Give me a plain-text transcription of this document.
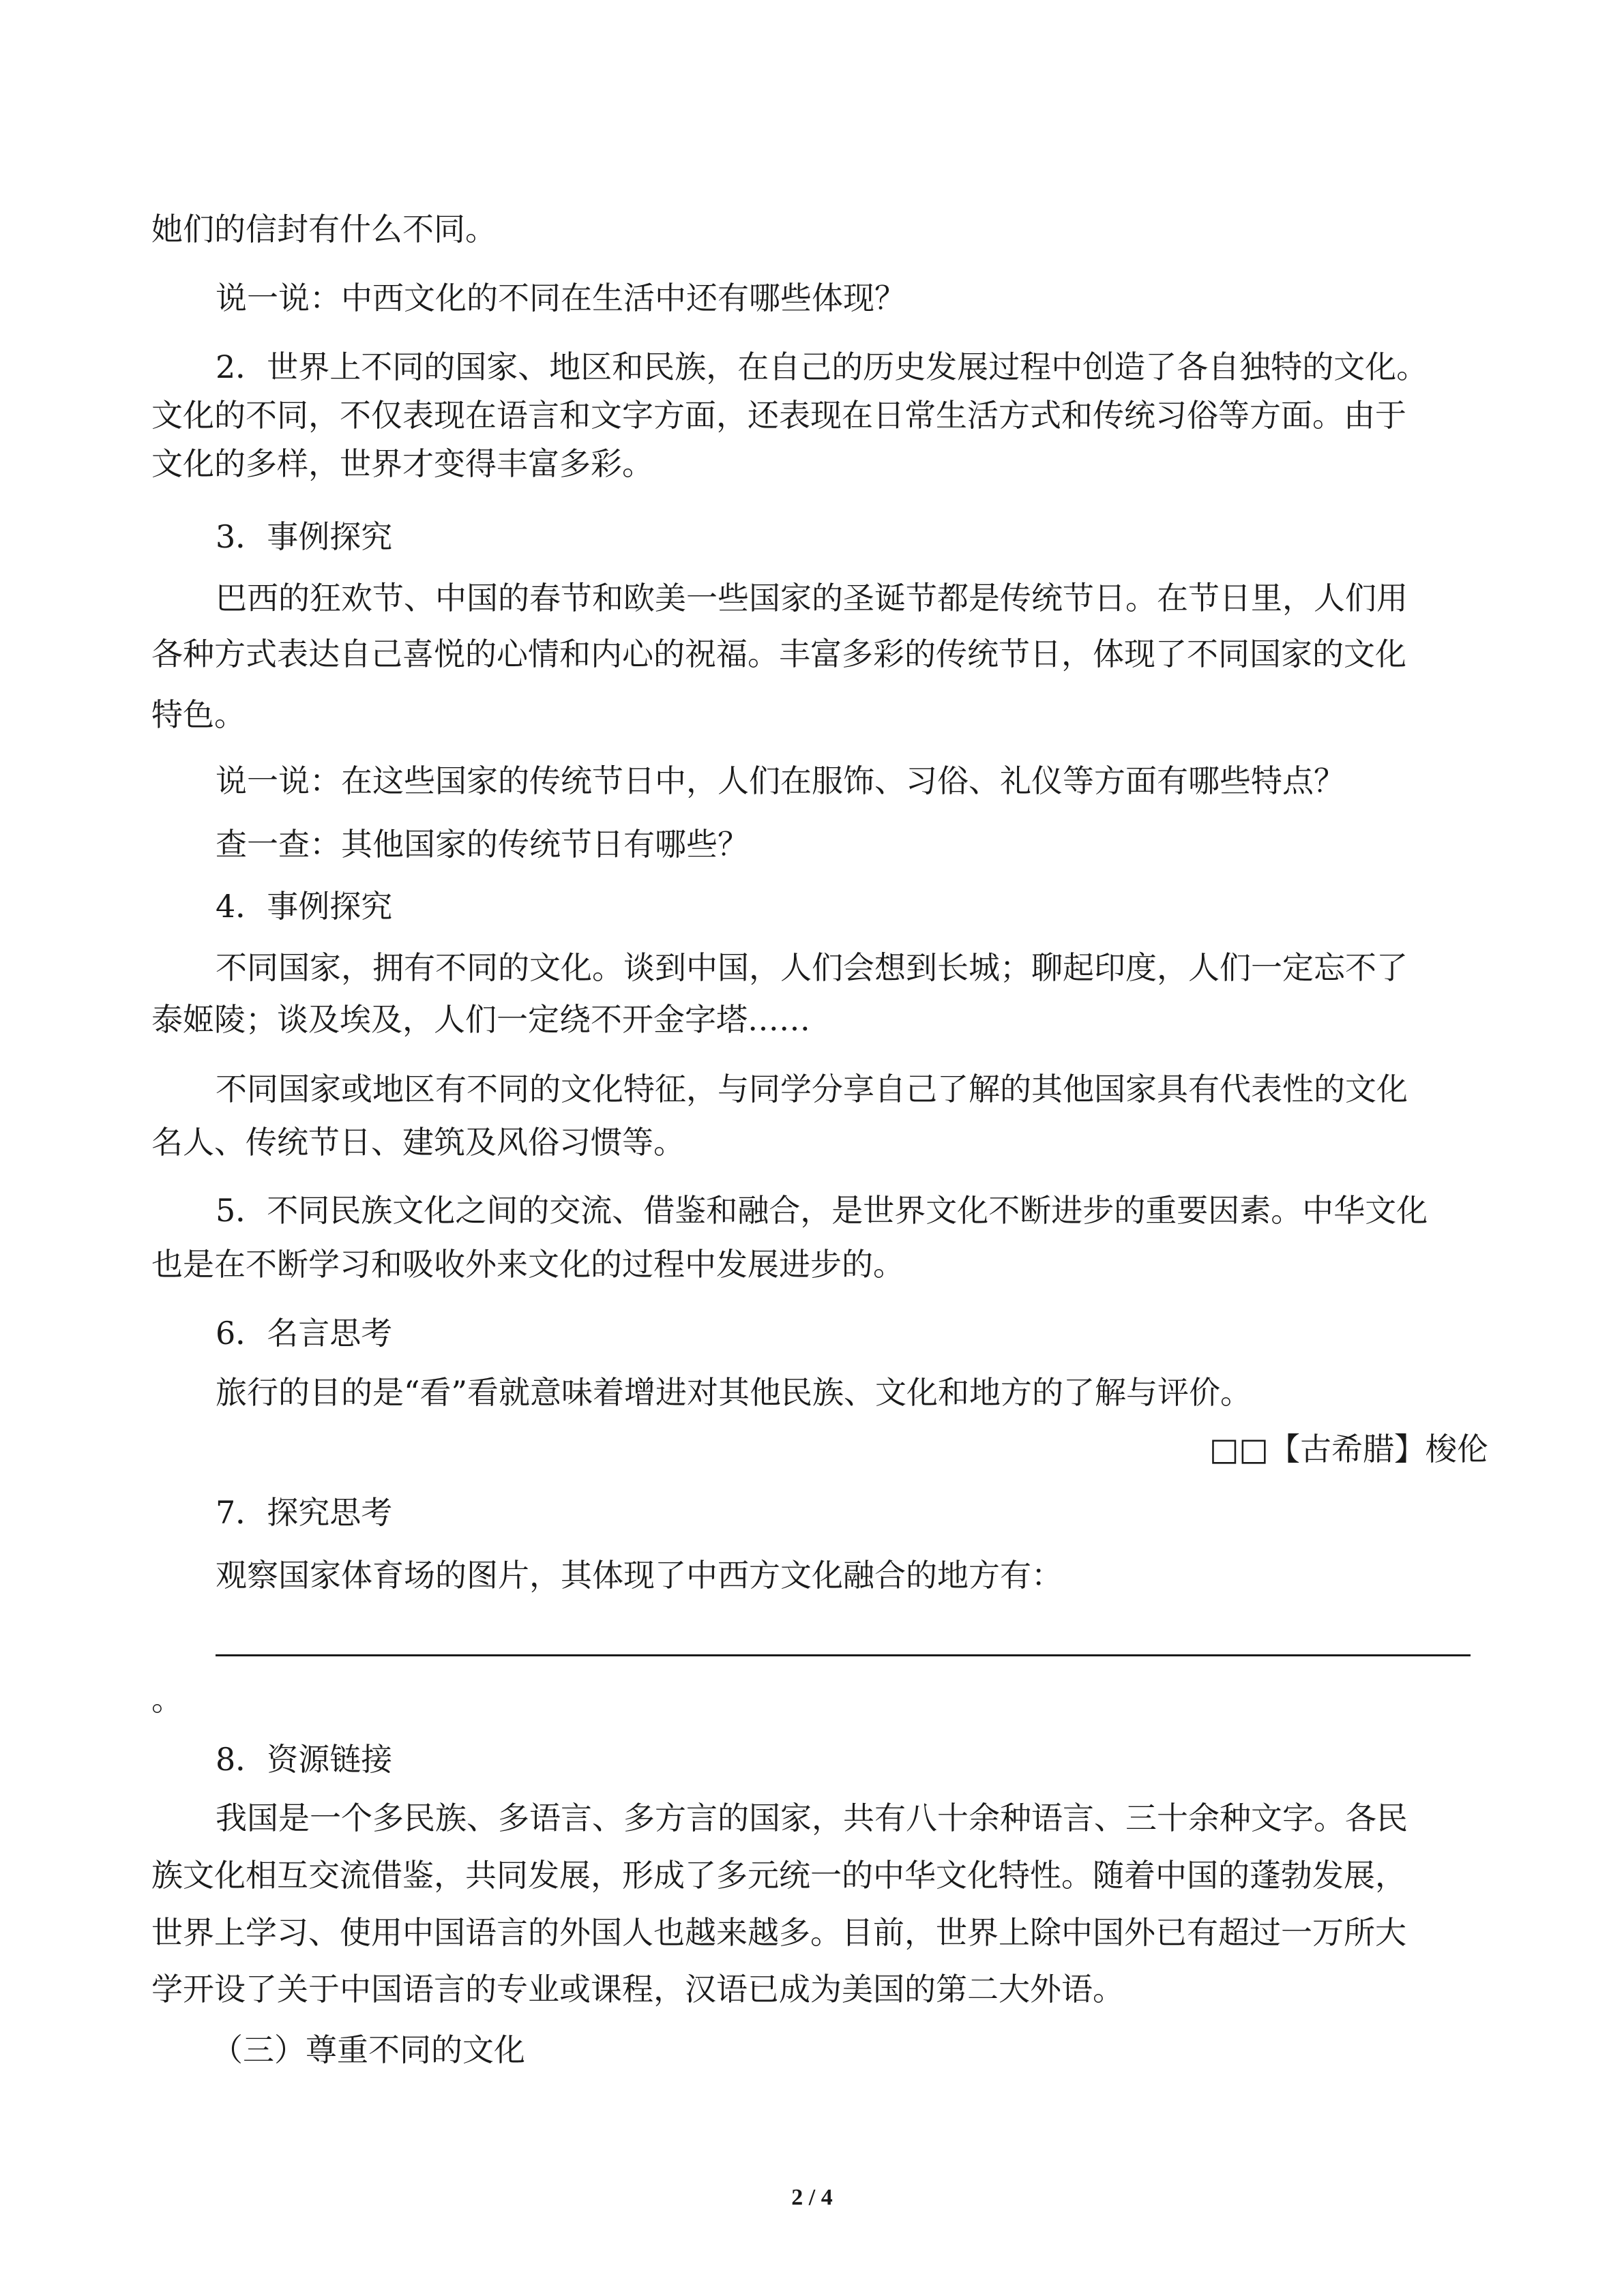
她们的信封有什么不同。
说一说：中西文化的不同在生活中还有哪些体现？
2．世界上不同的国家、地区和民族，在自己的历史发展过程中创造了各自独特的文化。
文化的不同，不仅表现在语言和文字方面，还表现在日常生活方式和传统习俗等方面。由于
文化的多样，世界才变得丰富多彩。
3．事例探究
巴西的狂欢节、中国的春节和欧美一些国家的圣诞节都是传统节日。在节日里，人们用
各种方式表达自己喜悦的心情和内心的祝福。丰富多彩的传统节日，体现了不同国家的文化
特色。
说一说：在这些国家的传统节日中，人们在服饰、习俗、礼仪等方面有哪些特点？
查一查：其他国家的传统节日有哪些？
4．事例探究
不同国家，拥有不同的文化。谈到中国，人们会想到长城；聊起印度，人们一定忘不了
泰姬陵；谈及埃及，人们一定绕不开金字塔……
不同国家或地区有不同的文化特征，与同学分享自己了解的其他国家具有代表性的文化
名人、传统节日、建筑及风俗习惯等。
5．不同民族文化之间的交流、借鉴和融合，是世界文化不断进步的重要因素。中华文化
也是在不断学习和吸收外来文化的过程中发展进步的。
6．名言思考
旅行的目的是“看”看就意味着增进对其他民族、文化和地方的了解与评价。
□□【古希腊】梭伦
7．探究思考
观察国家体育场的图片，其体现了中西方文化融合的地方有：
。
8．资源链接
我国是一个多民族、多语言、多方言的国家，共有八十余种语言、三十余种文字。各民
族文化相互交流借鉴，共同发展，形成了多元统一的中华文化特性。随着中国的蓬勃发展，
世界上学习、使用中国语言的外国人也越来越多。目前，世界上除中国外已有超过一万所大
学开设了关于中国语言的专业或课程，汉语已成为美国的第二大外语。
（三）尊重不同的文化
2 / 4
